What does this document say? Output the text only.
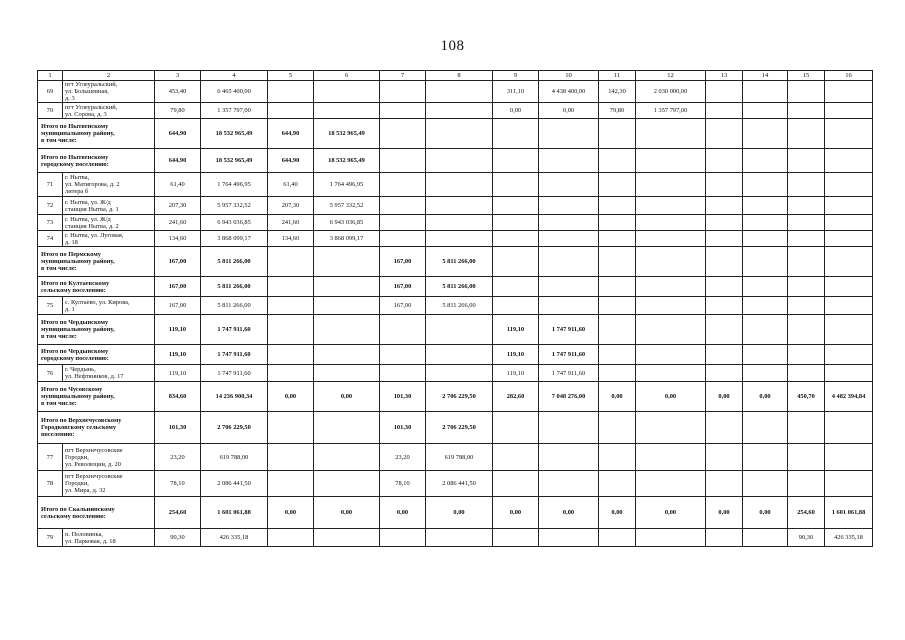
108
1	2	3	4	5	6	7	8	9	10	11	12	13	14	15	16
69	пгт Углеуральский,
ул. Большевная,
д. 3	453,40	6 465 400,00					311,10	4 438 400,00	142,30	2 030 000,00				
70	пгт Углеуральский,
ул. Сорова, д. 3	79,80	1 357 797,00					0,00	0,00	79,80	1 357 797,00				
Итого по Нытвенскому
муниципальному району,
в том числе:		644,90	18 532 965,49	644,90	18 532 965,49										
Итого по Нытвенскому
городскому поселению:		644,90	18 532 965,49	644,90	18 532 965,49										
71	г. Нытва,
ул. Матигорова, д. 2
литера б	61,40	1 764 496,95	61,40	1 764 496,95										
72	г. Нытва, ул. Ж/д
станция Нытва, д. 1	207,30	5 957 332,52	207,30	5 957 332,52										
73	г. Нытва, ул. Ж/д
станция Нытва, д. 2	241,60	6 943 036,85	241,60	6 943 036,85										
74	г. Нытва, ул. Луговая,
д. 18	134,60	3 868 099,17	134,60	3 868 099,17										
Итого по Пермскому
муниципальному району,
в том числе:		167,00	5 811 266,00			167,00	5 811 266,00								
Итого по Култаевскому
сельскому поселению:		167,00	5 811 266,00			167,00	5 811 266,00								
75	с. Култаево, ул. Кирова,
д. 1	167,00	5 811 266,00			167,00	5 811 266,00								
Итого по Чердынскому
муниципальному району,
в том числе:		119,10	1 747 911,60					119,10	1 747 911,60						
Итого по Чердынскому
городскому поселению:		119,10	1 747 911,60					119,10	1 747 911,60						
76	г. Чердынь,
ул. Нефтяников, д. 17	119,10	1 747 911,60					119,10	1 747 911,60						
Итого по Чусовскому
муниципальному району,
в том числе:		834,60	14 236 900,34	0,00	0,00	101,30	2 706 229,50	282,60	7 048 276,00	0,00	0,00	0,00	0,00	450,70	4 482 394,84
Итого по Верхнечусовскому
Городковскому сельскому
поселению:		101,30	2 706 229,50			101,30	2 706 229,50								
77	пгт Верхнечусовские
Городки,
ул. Революции, д. 20	23,20	619 788,00			23,20	619 788,00								
78	пгт Верхнечусовские
Городки,
ул. Мира, д. 32	78,10	2 086 441,50			78,10	2 086 441,50								
Итого по Скальнинскому
сельскому поселению:		254,60	1 601 061,88	0,00	0,00	0,00	0,00	0,00	0,00	0,00	0,00	0,00	0,00	254,60	1 601 061,88
79	п. Половинка,
ул. Парковая, д. 18	90,30	426 335,18											90,30	426 335,18
